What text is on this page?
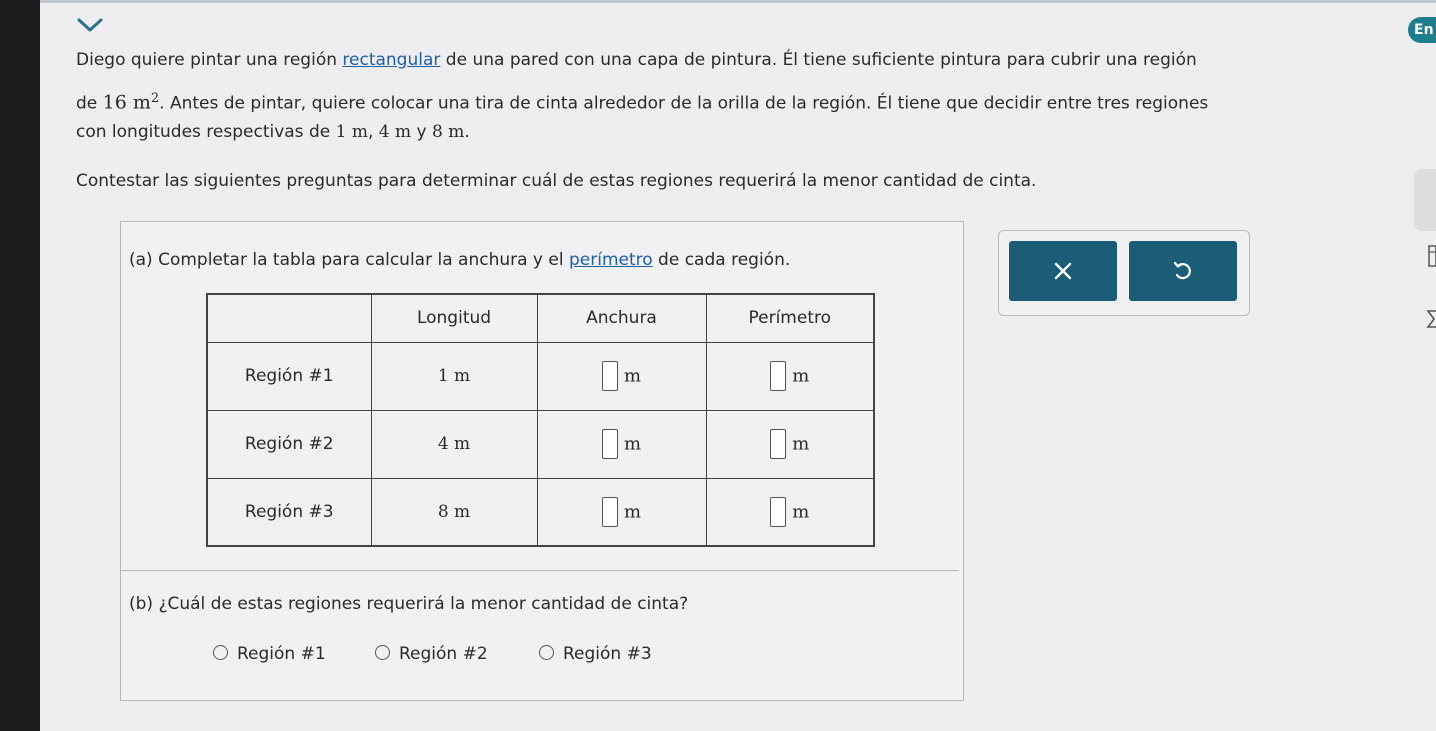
En
Diego quiere pintar una región rectangular de una pared con una capa de pintura. Él tiene suficiente pintura para cubrir una región
de 16 $m^2$. Antes de pintar, quiere colocar una tira de cinta alrededor de la orilla de la región. Él tiene que decidir entre tres regiones
con longitudes respectivas de 1 m, 4 m y 8 m.
Contestar las siguientes preguntas para determinar cuál de estas regiones requerirá la menor cantidad de cinta.
(a) Completar la tabla para calcular la anchura y el perímetro de cada región.
	Longitud	Anchura	Perímetro
Región #1	1 m	m	m
Región #2	4 m	m	m
Región #3	8 m	m	m
(b) ¿Cuál de estas regiones requerirá la menor cantidad de cinta?
Región #1	Región #2	Región #3
